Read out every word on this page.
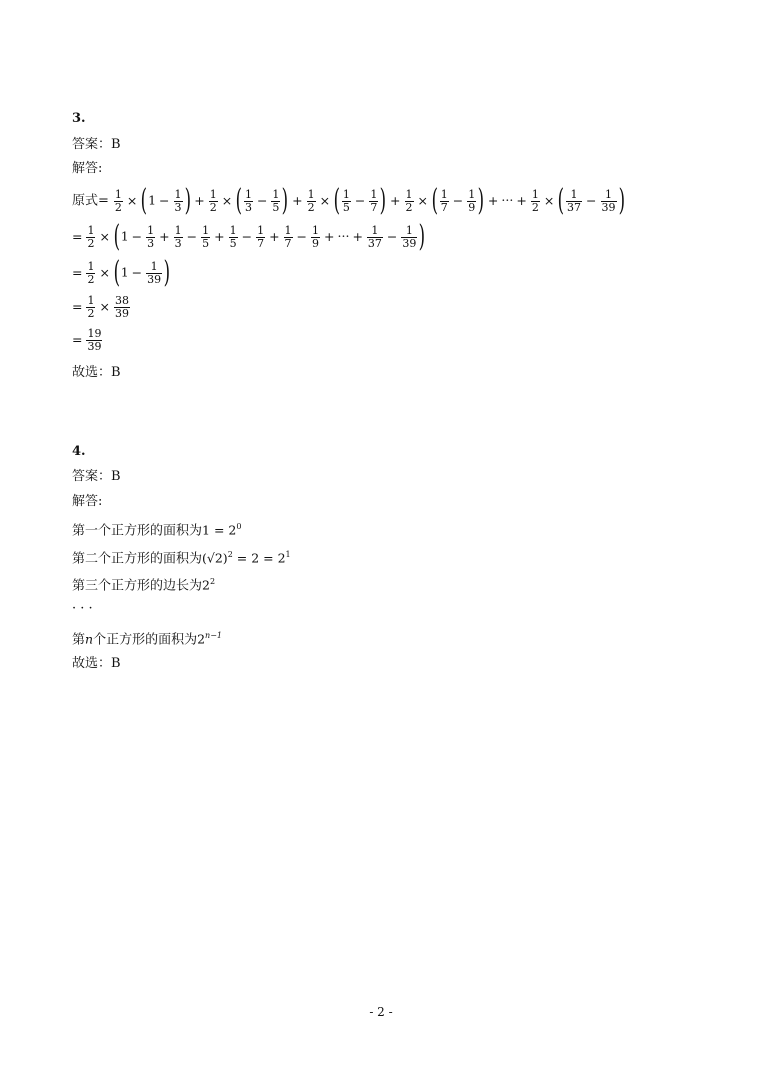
3.
答案：B
解答:
原式= $\frac{1}{2} \times (1 - \frac{1}{3}$ ) + $\frac{1}{2}$ × ( $\frac{1}{3} - \frac{1}{5}$ ) + $\frac{1}{2}$ × ( $\frac{1}{5} - \frac{1}{7}$ ) + $\frac{1}{2}$ × ( $\frac{1}{7} - \frac{1}{9}$ ) + ··· + $\frac{1}{2}$ × ( $\frac{1}{37} - \frac{1}{39}$ )
= $\frac{1}{2} \times (1 - \frac{1}{3} + \frac{1}{3} - \frac{1}{5} + \frac{1}{5} - \frac{1}{7} + \frac{1}{7} - \frac{1}{9}$ + ··· + $\frac{1}{37} - \frac{1}{39}$ )
= $\frac{1}{2} \times (1 - \frac{1}{39}$ )
= $\frac{1}{2} \times \frac{38}{39}$
= $\frac{19}{39}$
故选：B
4.
答案：B
解答:
第一个正方形的面积为$1 = 2^0$
第二个正方形的面积为$(√2)^2 = 2 = 2^1$
第三个正方形的边长为$2^2$
· · ·
第n个正方形的面积为$2^{n-1}$
故选：B
- 2 -
